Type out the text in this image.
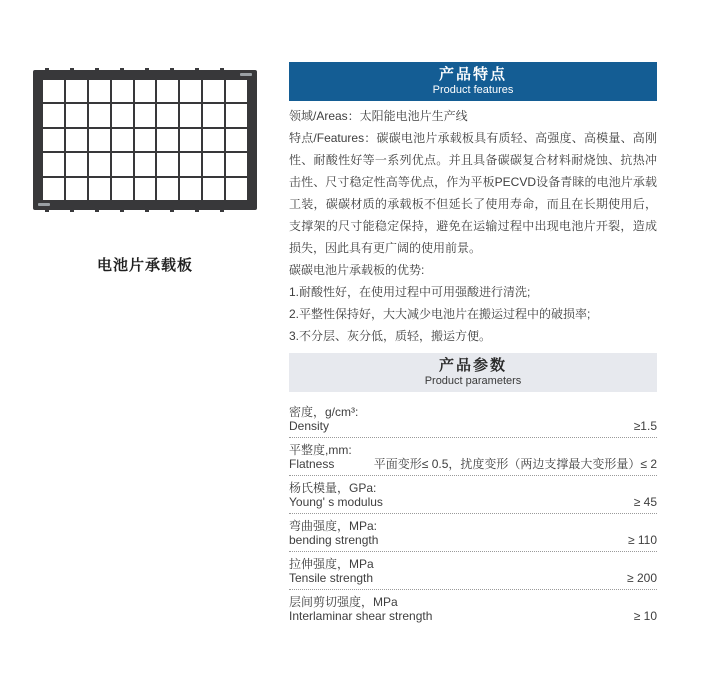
电池片承载板
产品特点
Product features

领域/Areas：太阳能电池片生产线

特点/Features：碳碳电池片承载板具有质轻、高强度、高模量、高刚性、耐酸性好等一系列优点。并且具备碳碳复合材料耐烧蚀、抗热冲击性、尺寸稳定性高等优点，作为平板PECVD设备青睐的电池片承载工装，碳碳材质的承载板不但延长了使用寿命，而且在长期使用后，支撑架的尺寸能稳定保持，避免在运输过程中出现电池片开裂，造成损失，因此具有更广阔的使用前景。

碳碳电池片承载板的优势:

1.耐酸性好，在使用过程中可用强酸进行清洗;

2.平整性保持好，大大减少电池片在搬运过程中的破损率;

3.不分层、灰分低，质轻，搬运方便。

产品参数
Product parameters
密度，g/cm³:
Density	≥1.5
平整度,mm:
Flatness	平面变形≤ 0.5，扰度变形（两边支撑最大变形量）≤ 2
杨氏模量，GPa:
Young' s modulus	≥ 45
弯曲强度，MPa:
bending strength	≥ 110
拉伸强度，MPa
Tensile strength	≥ 200
层间剪切强度，MPa
Interlaminar shear strength	≥ 10
